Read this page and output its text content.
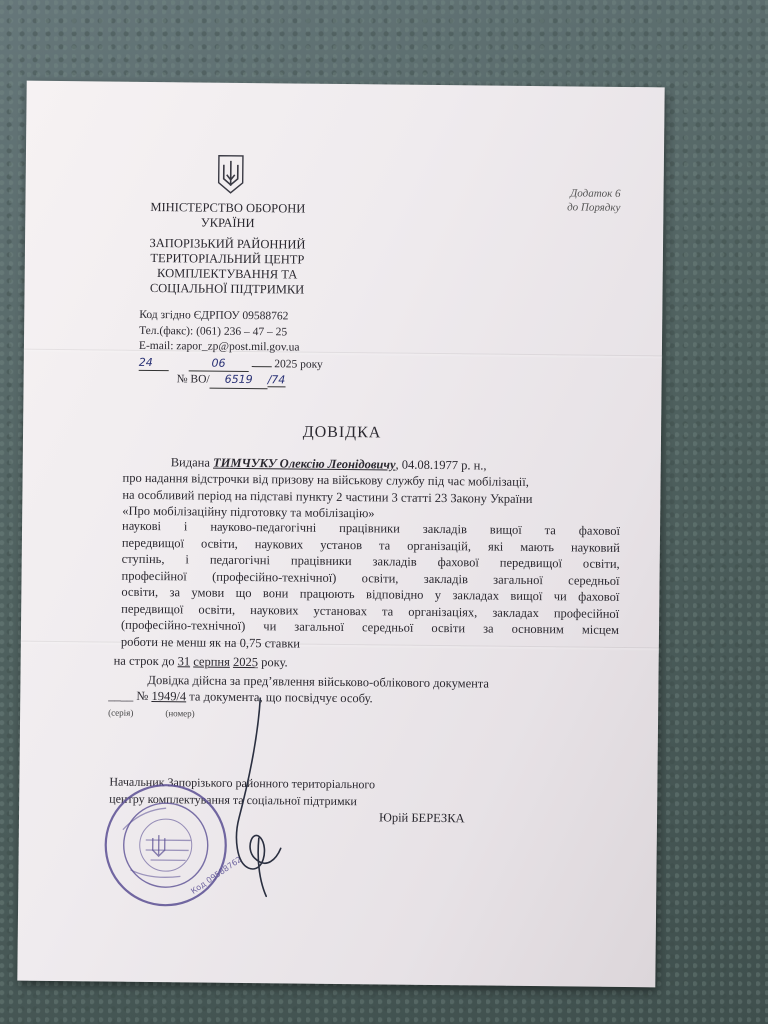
МІНІСТЕРСТВО ОБОРОНИ
УКРАЇНИ
ЗАПОРІЗЬКИЙ РАЙОННИЙ
ТЕРИТОРІАЛЬНИЙ ЦЕНТР
КОМПЛЕКТУВАННЯ ТА
СОЦІАЛЬНОЇ ПІДТРИМКИ
Додаток 6
до Порядку
Код згідно ЄДРПОУ 09588762
Тел.(факс): (061) 236 – 47 – 25
E-mail: zapor_zp@post.mil.gov.ua
24	06	2025 року
№ ВО/ 6519 /74
ДОВІДКА
Видана ТИМЧУКУ Олексію Леонідовичу, 04.08.1977 р. н.,
про надання відстрочки від призову на військову службу під час мобілізації,
на особливий період на підставі пункту 2 частини 3 статті 23 Закону України
«Про мобілізаційну підготовку та мобілізацію»
наукові і науково-педагогічні працівники закладів вищої та фахової
передвищої освіти, наукових установ та організацій, які мають науковий
ступінь, і педагогічні працівники закладів фахової передвищої освіти,
професійної (професійно-технічної) освіти, закладів загальної середньої
освіти, за умови що вони працюють відповідно у закладах вищої чи фахової
передвищої освіти, наукових установах та організаціях, закладах професійної
(професійно-технічної) чи загальної середньої освіти за основним місцем
роботи не менш як на 0,75 ставки
на строк до 31 серпня 2025 року.
Довідка дійсна за пред’явлення військово-облікового документа
____ № 1949/4 та документа, що посвідчує особу.
(серія)	(номер)
Начальник Запорізького районного територіального
центру комплектування та соціальної підтримки
Юрій БЕРЕЗКА
Код 09588762
